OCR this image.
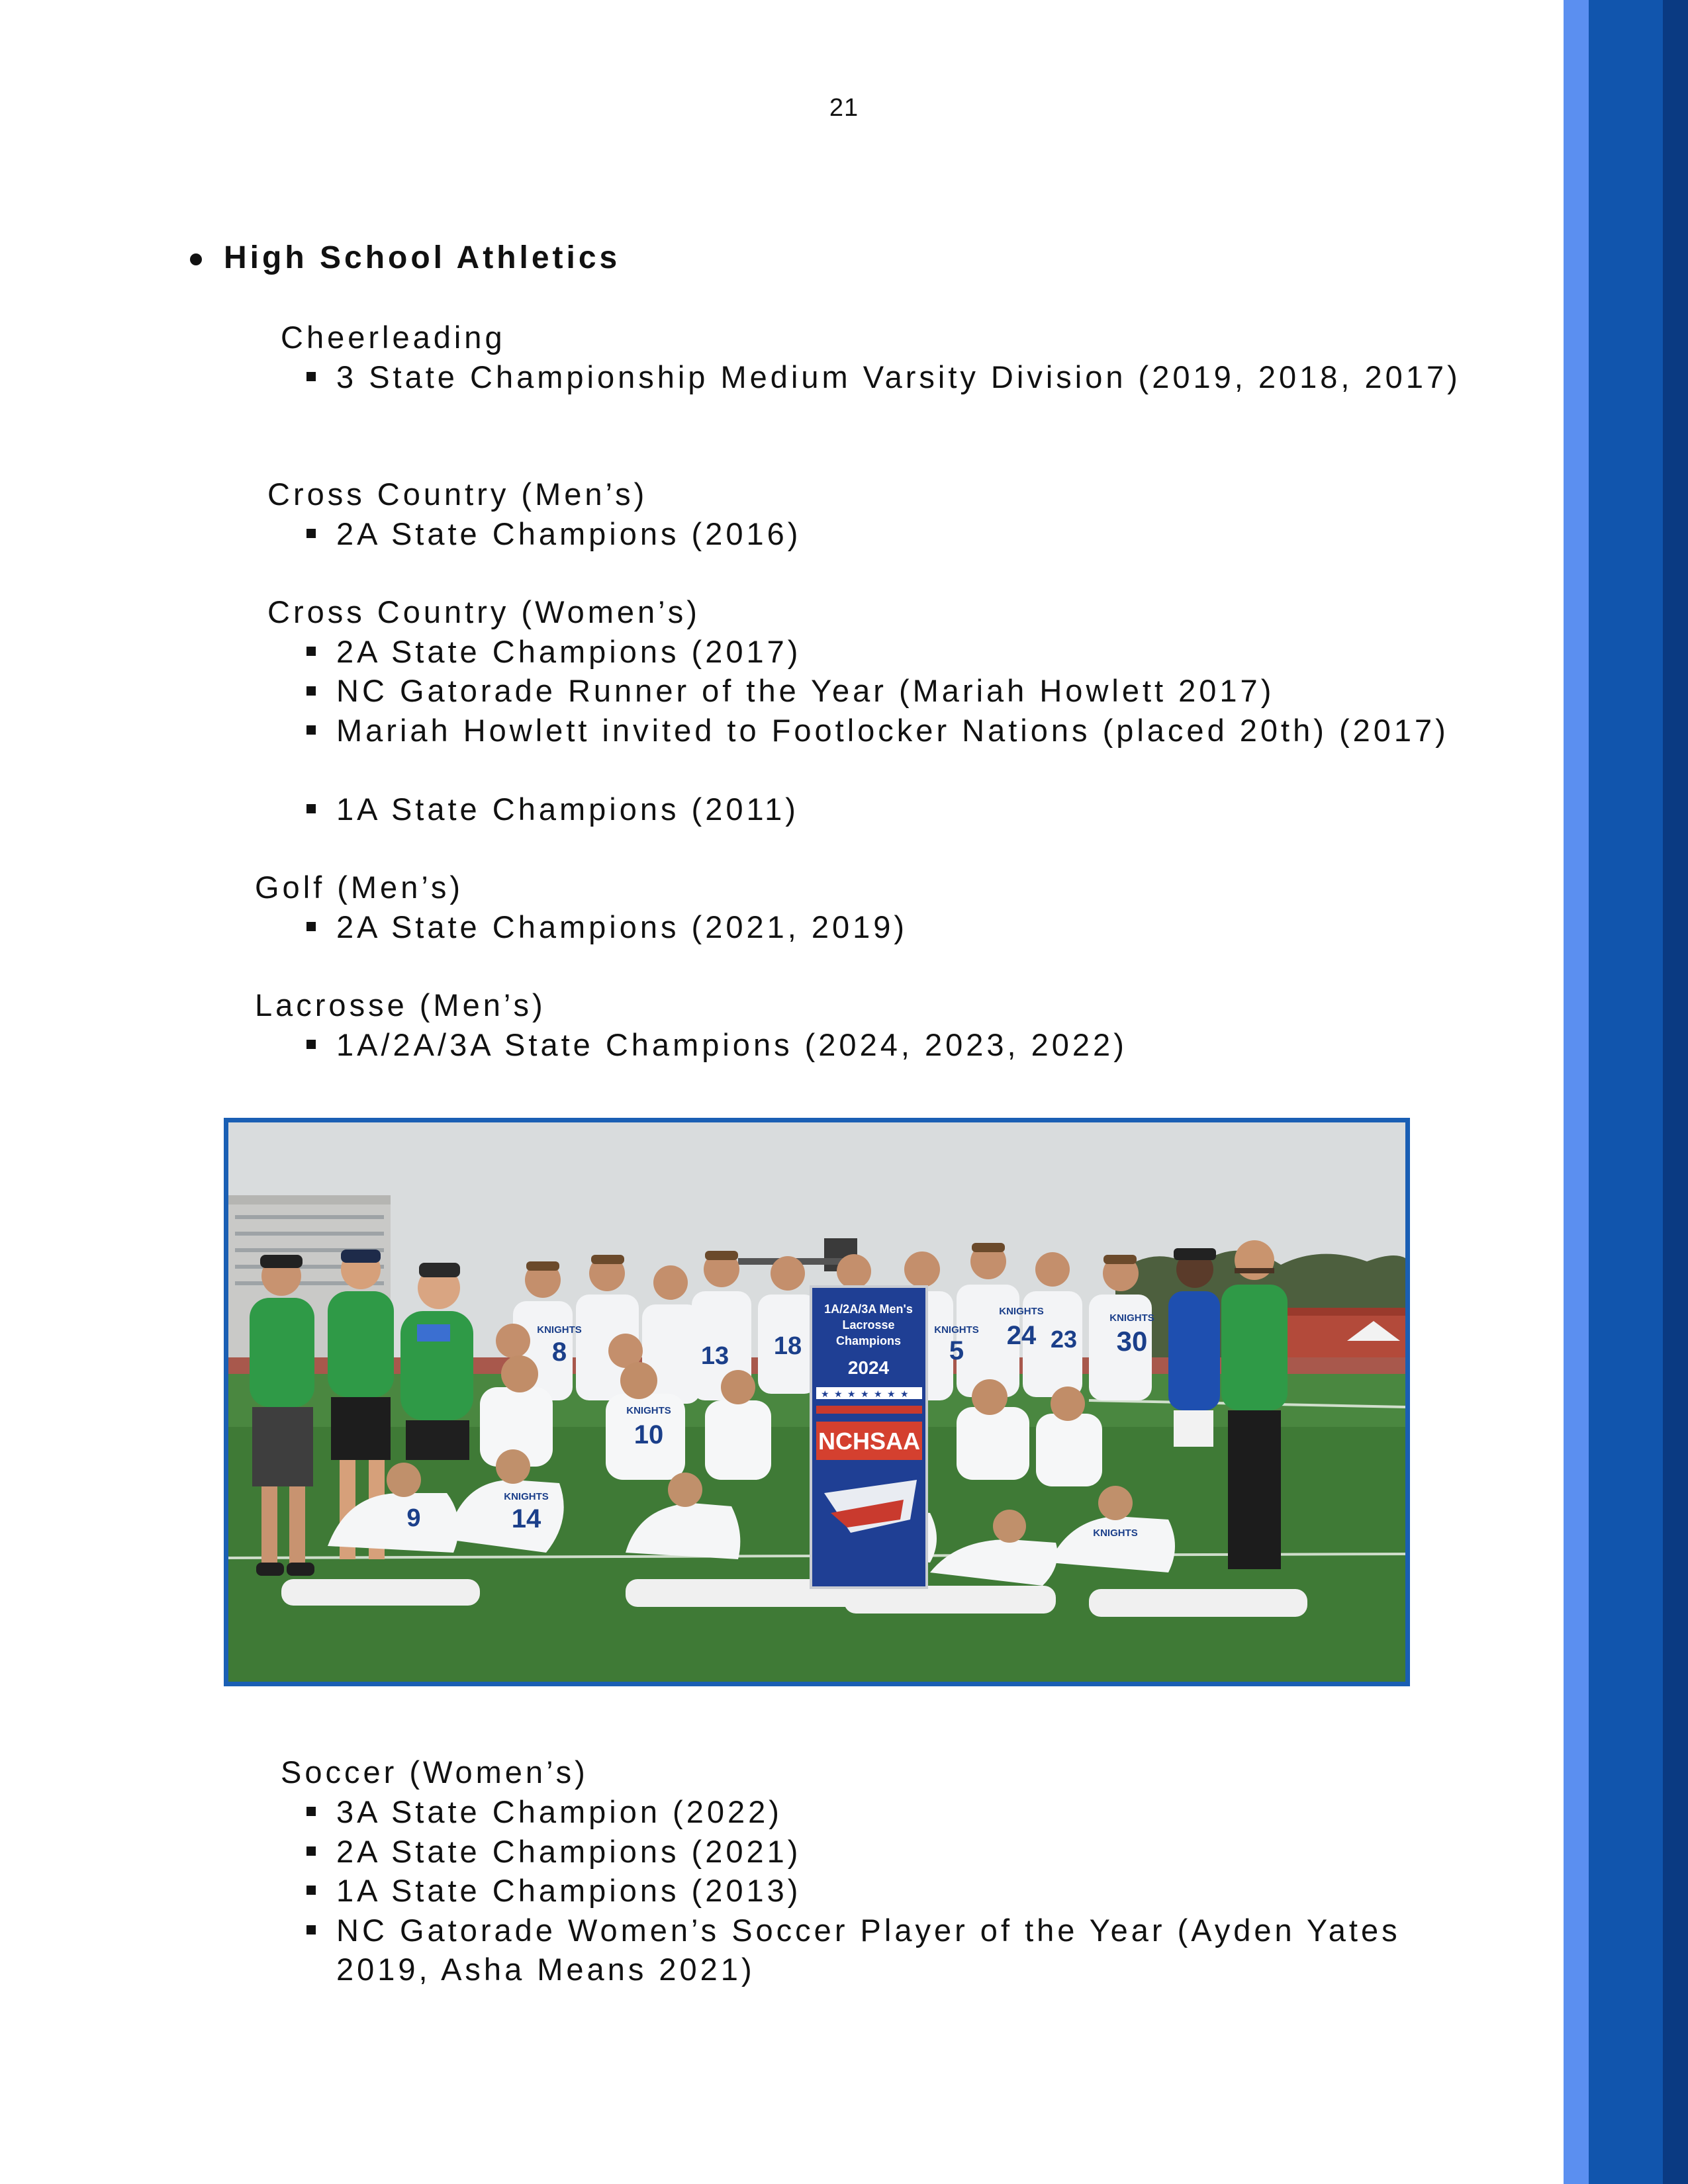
21
High School Athletics
Cheerleading
3 State Championship Medium Varsity Division (2019, 2018, 2017)
Cross Country (Men’s)
2A State Champions (2016)
Cross Country (Women’s)
2A State Champions (2017)
NC Gatorade Runner of the Year (Mariah Howlett 2017)
Mariah Howlett invited to Footlocker Nations (placed 20th) (2017)
1A State Champions (2011)
Golf (Men’s)
2A State Champions (2021, 2019)
Lacrosse (Men’s)
1A/2A/3A State Champions (2024, 2023, 2022)
1A/2A/3A Men's
Lacrosse
Champions
2024
★ ★ ★ ★ ★ ★ ★
NCHSAA
KNIGHTS
8	13 18
KNIGHTS
5
KNIGHTS
24 23
KNIGHTS
30
KNIGHTS
10
KNIGHTS
14
9
KNIGHTS
Soccer (Women’s)
3A State Champion (2022)
2A State Champions (2021)
1A State Champions (2013)
NC Gatorade Women’s Soccer Player of the Year (Ayden Yates 2019, Asha Means 2021)
